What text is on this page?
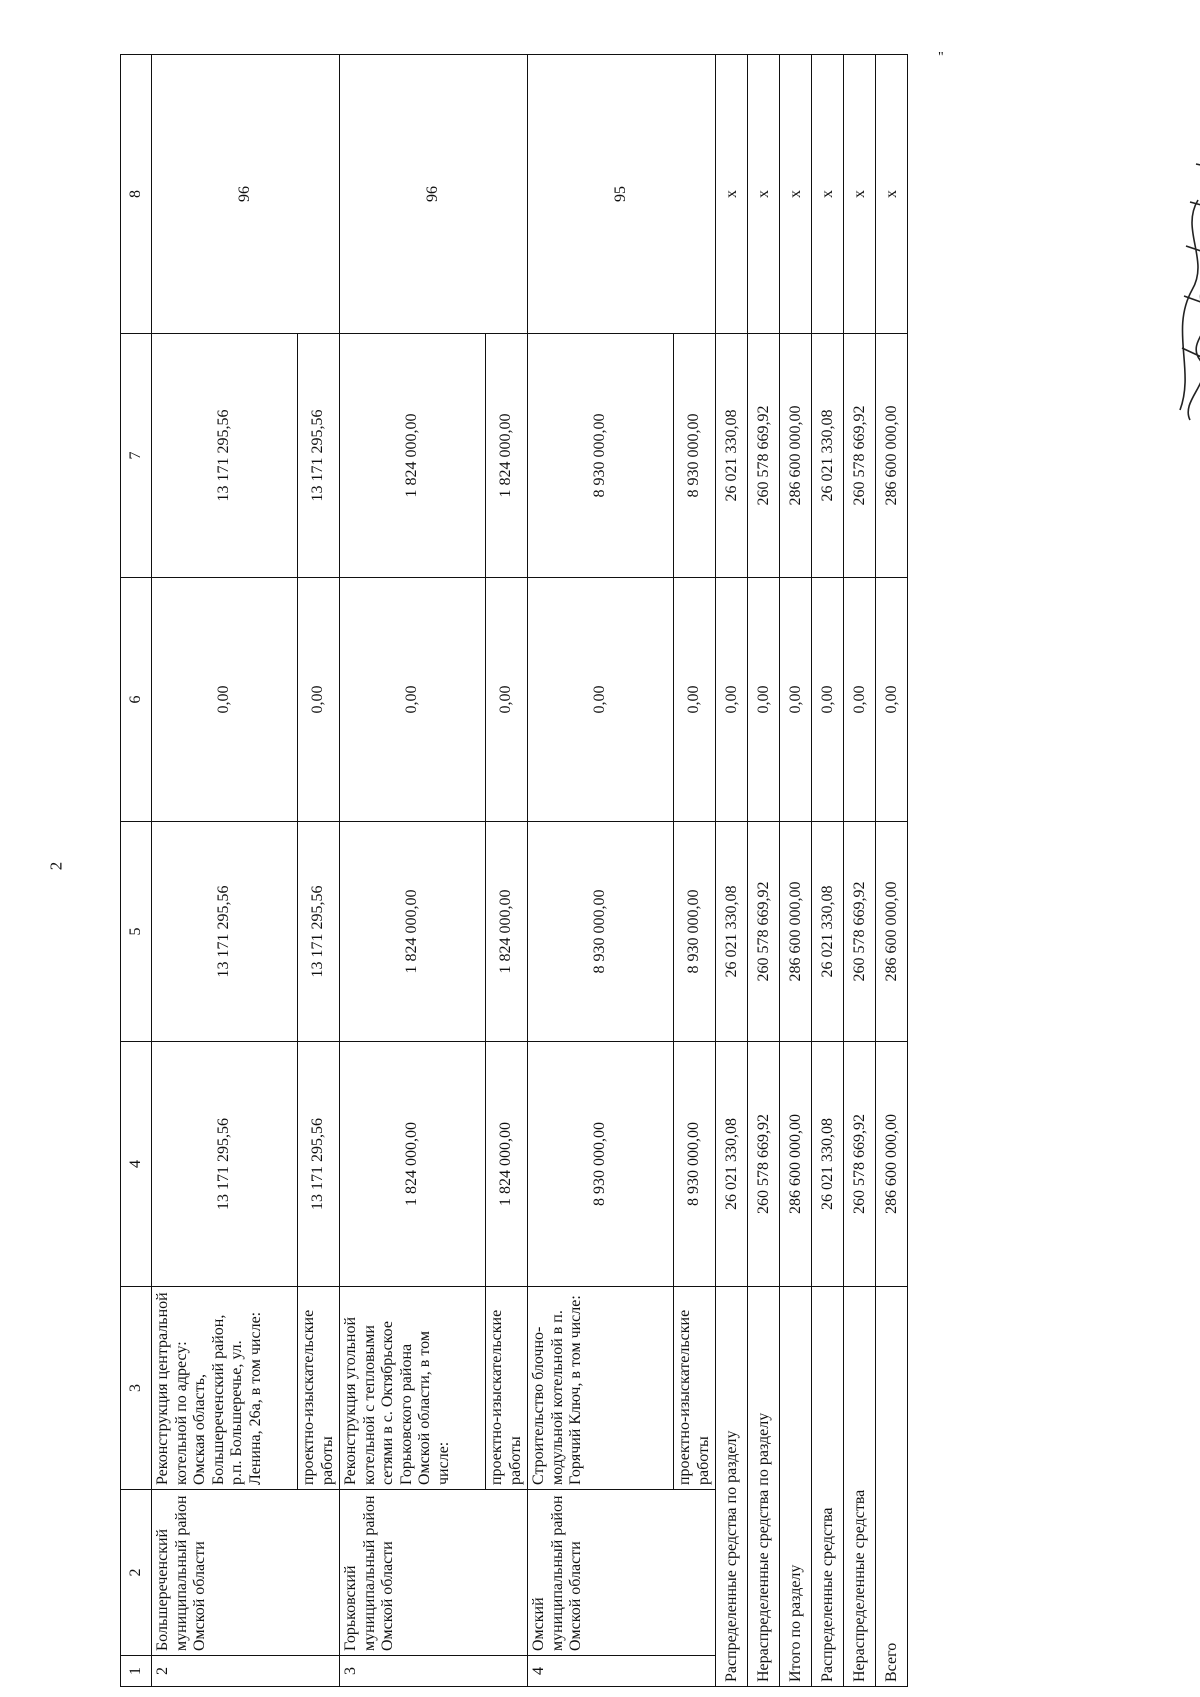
2
"
1	2	3	4	5	6	7	8
2	Большереченский муниципальный район Омской области	Реконструкция центральной котельной по адресу: Омская область, Большереченский район, р.п. Большеречье, ул. Ленина, 26а, в том числе:	13 171 295,56	13 171 295,56	0,00	13 171 295,56	96
		проектно-изыскательские работы	13 171 295,56	13 171 295,56	0,00	13 171 295,56	
3	Горьковский муниципальный район Омской области	Реконструкция угольной котельной с тепловыми сетями в с. Октябрьское Горьковского района Омской области, в том числе:	1 824 000,00	1 824 000,00	0,00	1 824 000,00	96
		проектно-изыскательские работы	1 824 000,00	1 824 000,00	0,00	1 824 000,00	
4	Омский муниципальный район Омской области	Строительство блочно-модульной котельной в п. Горячий Ключ, в том числе:	8 930 000,00	8 930 000,00	0,00	8 930 000,00	95
		проектно-изыскательские работы	8 930 000,00	8 930 000,00	0,00	8 930 000,00	
Распределенные средства по разделу			26 021 330,08	26 021 330,08	0,00	26 021 330,08	x
Нераспределенные средства по разделу			260 578 669,92	260 578 669,92	0,00	260 578 669,92	x
Итого по разделу			286 600 000,00	286 600 000,00	0,00	286 600 000,00	x
Распределенные средства			26 021 330,08	26 021 330,08	0,00	26 021 330,08	x
Нераспределенные средства			260 578 669,92	260 578 669,92	0,00	260 578 669,92	x
Всего			286 600 000,00	286 600 000,00	0,00	286 600 000,00	x
